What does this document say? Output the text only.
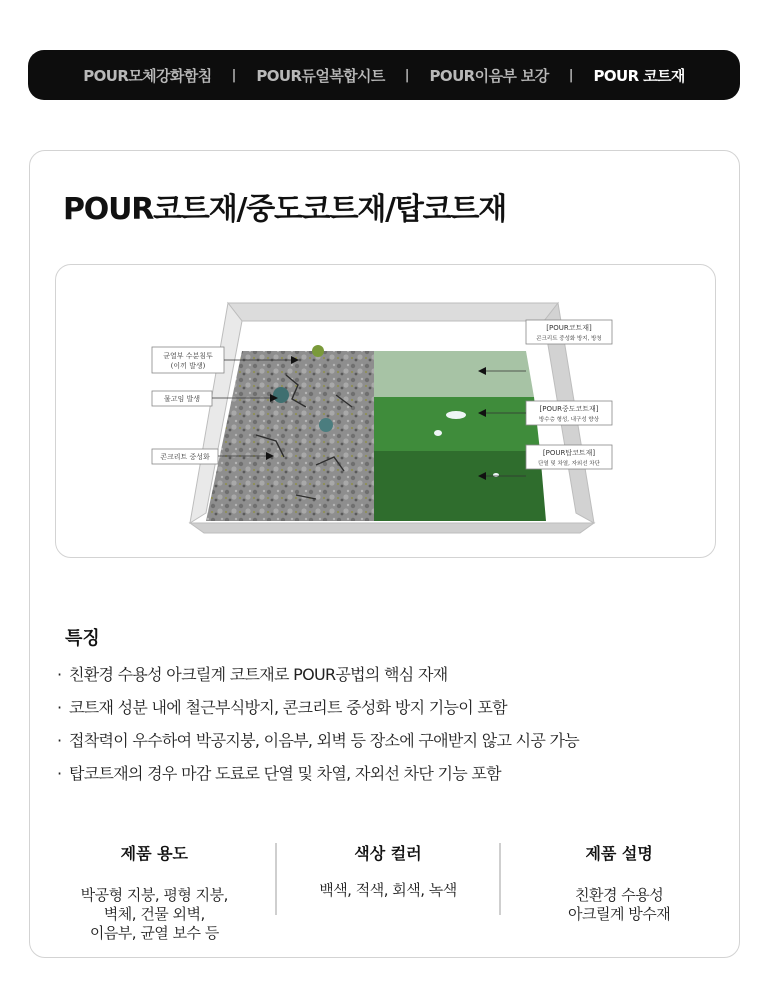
POUR모체강화함침 | POUR듀얼복합시트 | POUR이음부 보강 | POUR 코트재
POUR코트재/중도코트재/탑코트재
균열부 수분침투
(이끼 발생)
물고임 발생
콘크리트 중성화
[POUR코트재]
콘크리트 중성화 방지, 방청
[POUR중도코트재]
방수층 형성, 내구성 향상
[POUR탑코트재]
단열 및 차열, 자외선 차단
특징
· 친환경 수용성 아크릴계 코트재로 POUR공법의 핵심 자재
· 코트재 성분 내에 철근부식방지, 콘크리트 중성화 방지 기능이 포함
· 접착력이 우수하여 박공지붕, 이음부, 외벽 등 장소에 구애받지 않고 시공 가능
· 탑코트재의 경우 마감 도료로 단열 및 차열, 자외선 차단 기능 포함
제품 용도

박공형 지붕, 평형 지붕,
벽체, 건물 외벽,
이음부, 균열 보수 등

색상 컬러

백색, 적색, 회색, 녹색

제품 설명

친환경 수용성
아크릴계 방수재
